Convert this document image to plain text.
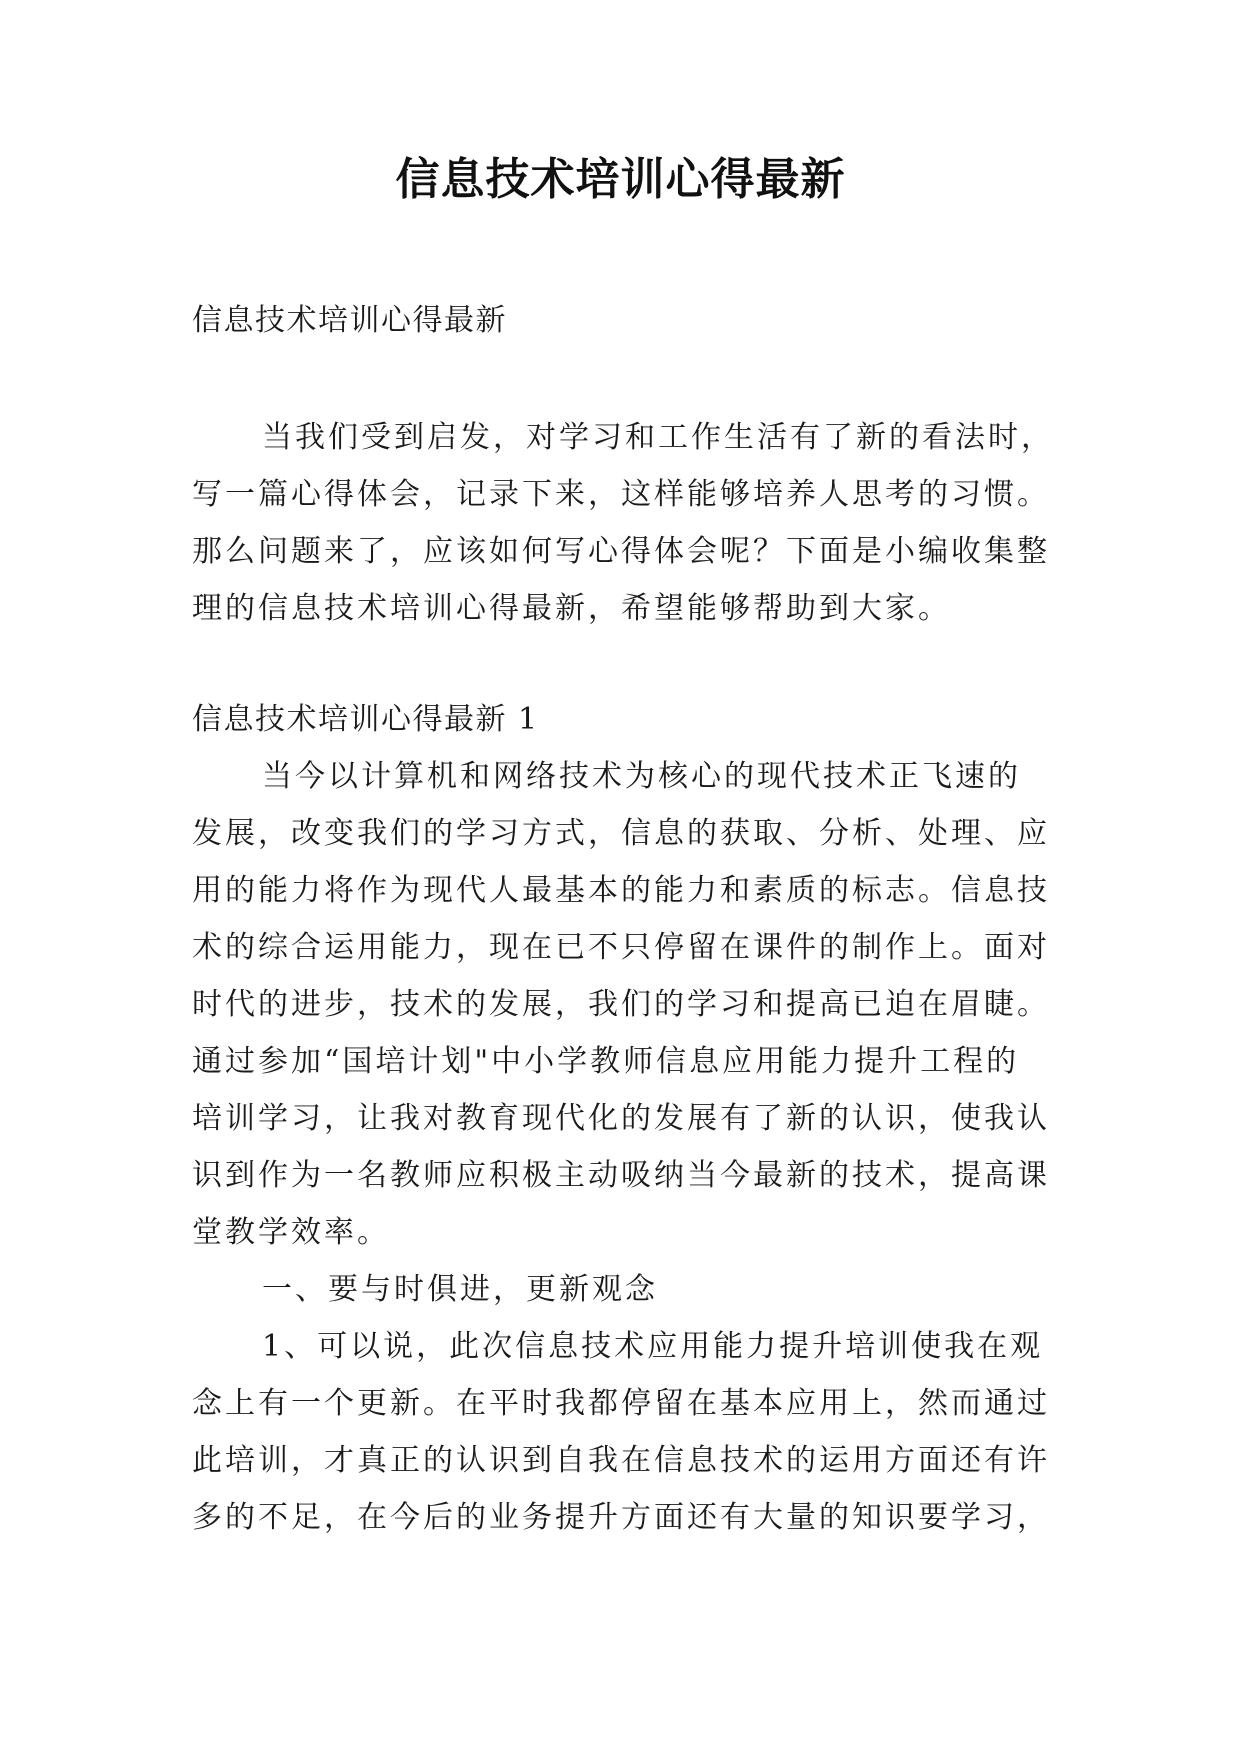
信息技术培训心得最新
信息技术培训心得最新
当我们受到启发，对学习和工作生活有了新的看法时，
写一篇心得体会，记录下来，这样能够培养人思考的习惯。
那么问题来了，应该如何写心得体会呢？下面是小编收集整
理的信息技术培训心得最新，希望能够帮助到大家。
信息技术培训心得最新 1
当今以计算机和网络技术为核心的现代技术正飞速的
发展，改变我们的学习方式，信息的获取、分析、处理、应
用的能力将作为现代人最基本的能力和素质的标志。信息技
术的综合运用能力，现在已不只停留在课件的制作上。面对
时代的进步，技术的发展，我们的学习和提高已迫在眉睫。
通过参加“国培计划"中小学教师信息应用能力提升工程的
培训学习，让我对教育现代化的发展有了新的认识，使我认
识到作为一名教师应积极主动吸纳当今最新的技术，提高课
堂教学效率。
一、要与时俱进，更新观念
1、可以说，此次信息技术应用能力提升培训使我在观
念上有一个更新。在平时我都停留在基本应用上，然而通过
此培训，才真正的认识到自我在信息技术的运用方面还有许
多的不足，在今后的业务提升方面还有大量的知识要学习，
